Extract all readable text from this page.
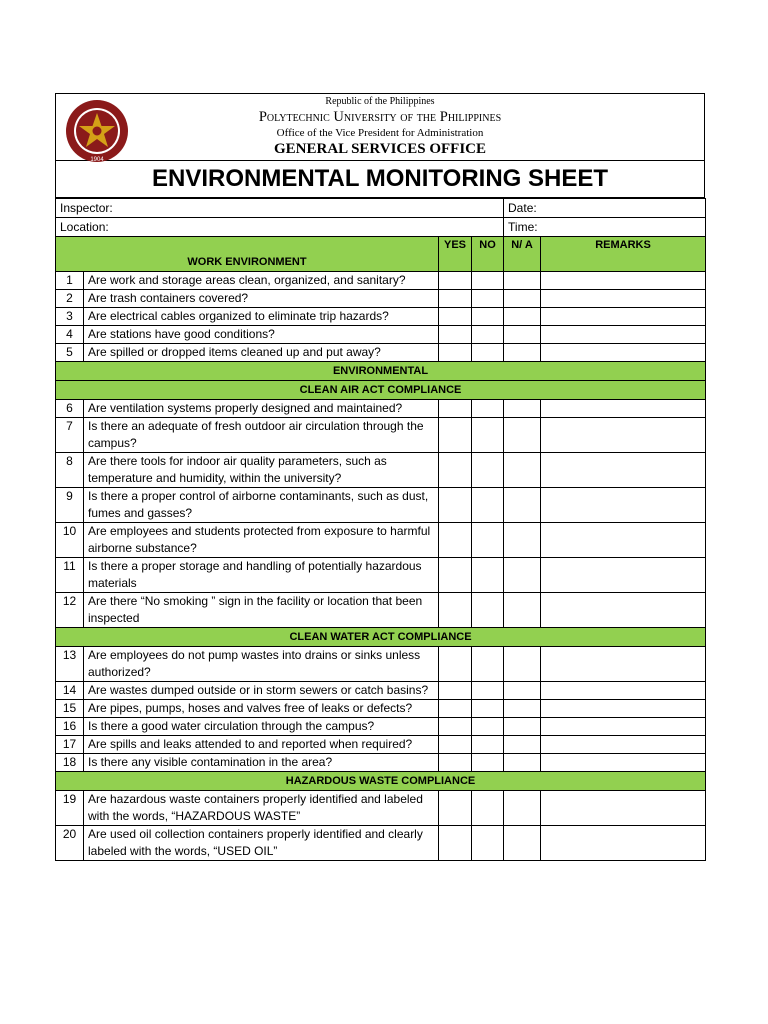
1904
Republic of the Philippines
Polytechnic University of the Philippines
Office of the Vice President for Administration
GENERAL SERVICES OFFICE
ENVIRONMENTAL MONITORING SHEET
Inspector:				Date:	
Location:				Time:	
WORK ENVIRONMENT		YES	NO	N/ A	REMARKS
1	Are work and storage areas clean, organized, and sanitary?				
2	Are trash containers covered?				
3	Are electrical cables organized to eliminate trip hazards?				
4	Are stations have good conditions?				
5	Are spilled or dropped items cleaned up and put away?				
ENVIRONMENTAL					
CLEAN AIR ACT COMPLIANCE					
6	Are ventilation systems properly designed and maintained?				
7	Is there an adequate of fresh outdoor air circulation through the campus?				
8	Are there tools for indoor air quality parameters, such as temperature and humidity, within the university?				
9	Is there a proper control of airborne contaminants, such as dust, fumes and gasses?				
10	Are employees and students protected from exposure to harmful airborne substance?				
11	Is there a proper storage and handling of potentially hazardous materials				
12	Are there “No smoking ” sign in the facility or location that been inspected				
CLEAN WATER ACT COMPLIANCE					
13	Are employees do not pump wastes into drains or sinks unless authorized?				
14	Are wastes dumped outside or in storm sewers or catch basins?				
15	Are pipes, pumps, hoses and valves free of leaks or defects?				
16	Is there a good water circulation through the campus?				
17	Are spills and leaks attended to and reported when required?				
18	Is there any visible contamination in the area?				
HAZARDOUS WASTE COMPLIANCE					
19	Are hazardous waste containers properly identified and labeled with the words, “HAZARDOUS WASTE”				
20	Are used oil collection containers properly identified and clearly labeled with the words, “USED OIL”				
